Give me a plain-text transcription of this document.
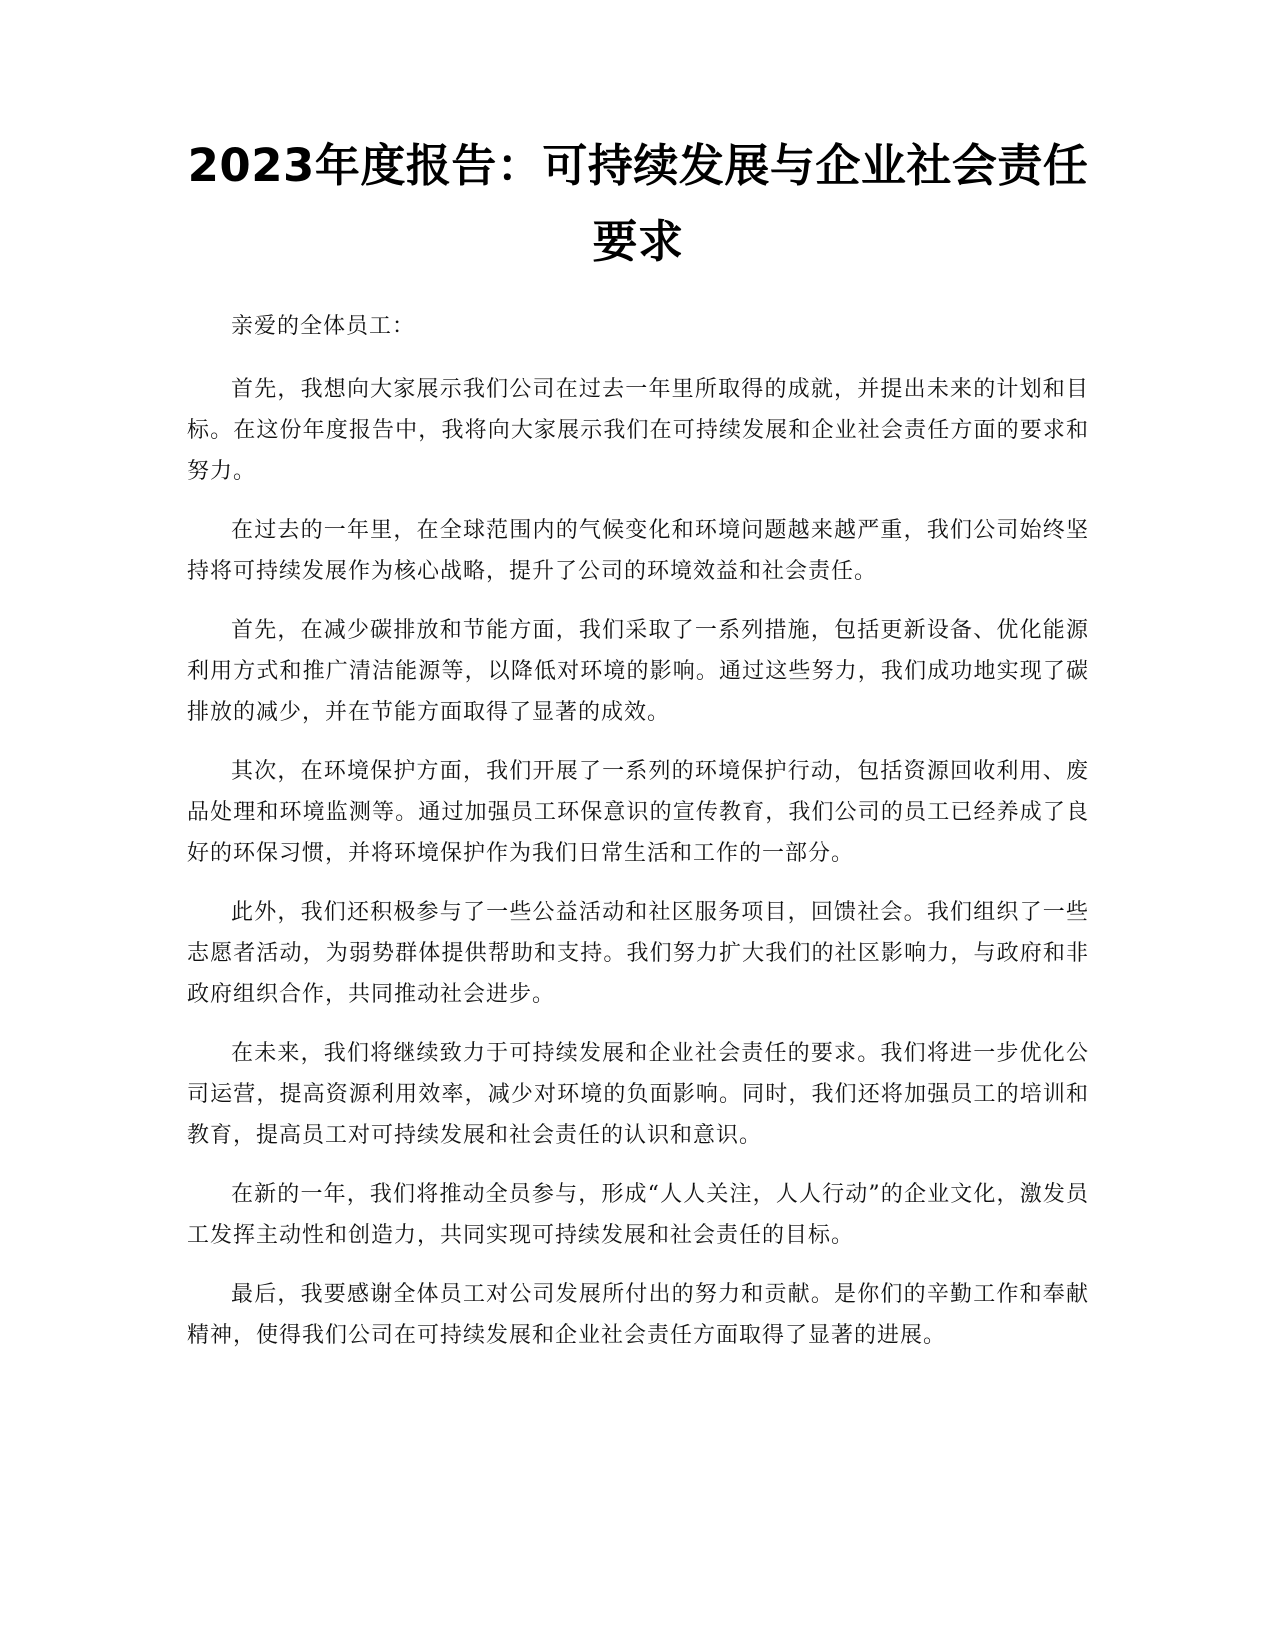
2023年度报告：可持续发展与企业社会责任要求

亲爱的全体员工：

首先，我想向大家展示我们公司在过去一年里所取得的成就，并提出未来的计划和目标。在这份年度报告中，我将向大家展示我们在可持续发展和企业社会责任方面的要求和努力。

在过去的一年里，在全球范围内的气候变化和环境问题越来越严重，我们公司始终坚持将可持续发展作为核心战略，提升了公司的环境效益和社会责任。

首先，在减少碳排放和节能方面，我们采取了一系列措施，包括更新设备、优化能源利用方式和推广清洁能源等，以降低对环境的影响。通过这些努力，我们成功地实现了碳排放的减少，并在节能方面取得了显著的成效。

其次，在环境保护方面，我们开展了一系列的环境保护行动，包括资源回收利用、废品处理和环境监测等。通过加强员工环保意识的宣传教育，我们公司的员工已经养成了良好的环保习惯，并将环境保护作为我们日常生活和工作的一部分。

此外，我们还积极参与了一些公益活动和社区服务项目，回馈社会。我们组织了一些志愿者活动，为弱势群体提供帮助和支持。我们努力扩大我们的社区影响力，与政府和非政府组织合作，共同推动社会进步。

在未来，我们将继续致力于可持续发展和企业社会责任的要求。我们将进一步优化公司运营，提高资源利用效率，减少对环境的负面影响。同时，我们还将加强员工的培训和教育，提高员工对可持续发展和社会责任的认识和意识。

在新的一年，我们将推动全员参与，形成“人人关注，人人行动”的企业文化，激发员工发挥主动性和创造力，共同实现可持续发展和社会责任的目标。

最后，我要感谢全体员工对公司发展所付出的努力和贡献。是你们的辛勤工作和奉献精神，使得我们公司在可持续发展和企业社会责任方面取得了显著的进展。
